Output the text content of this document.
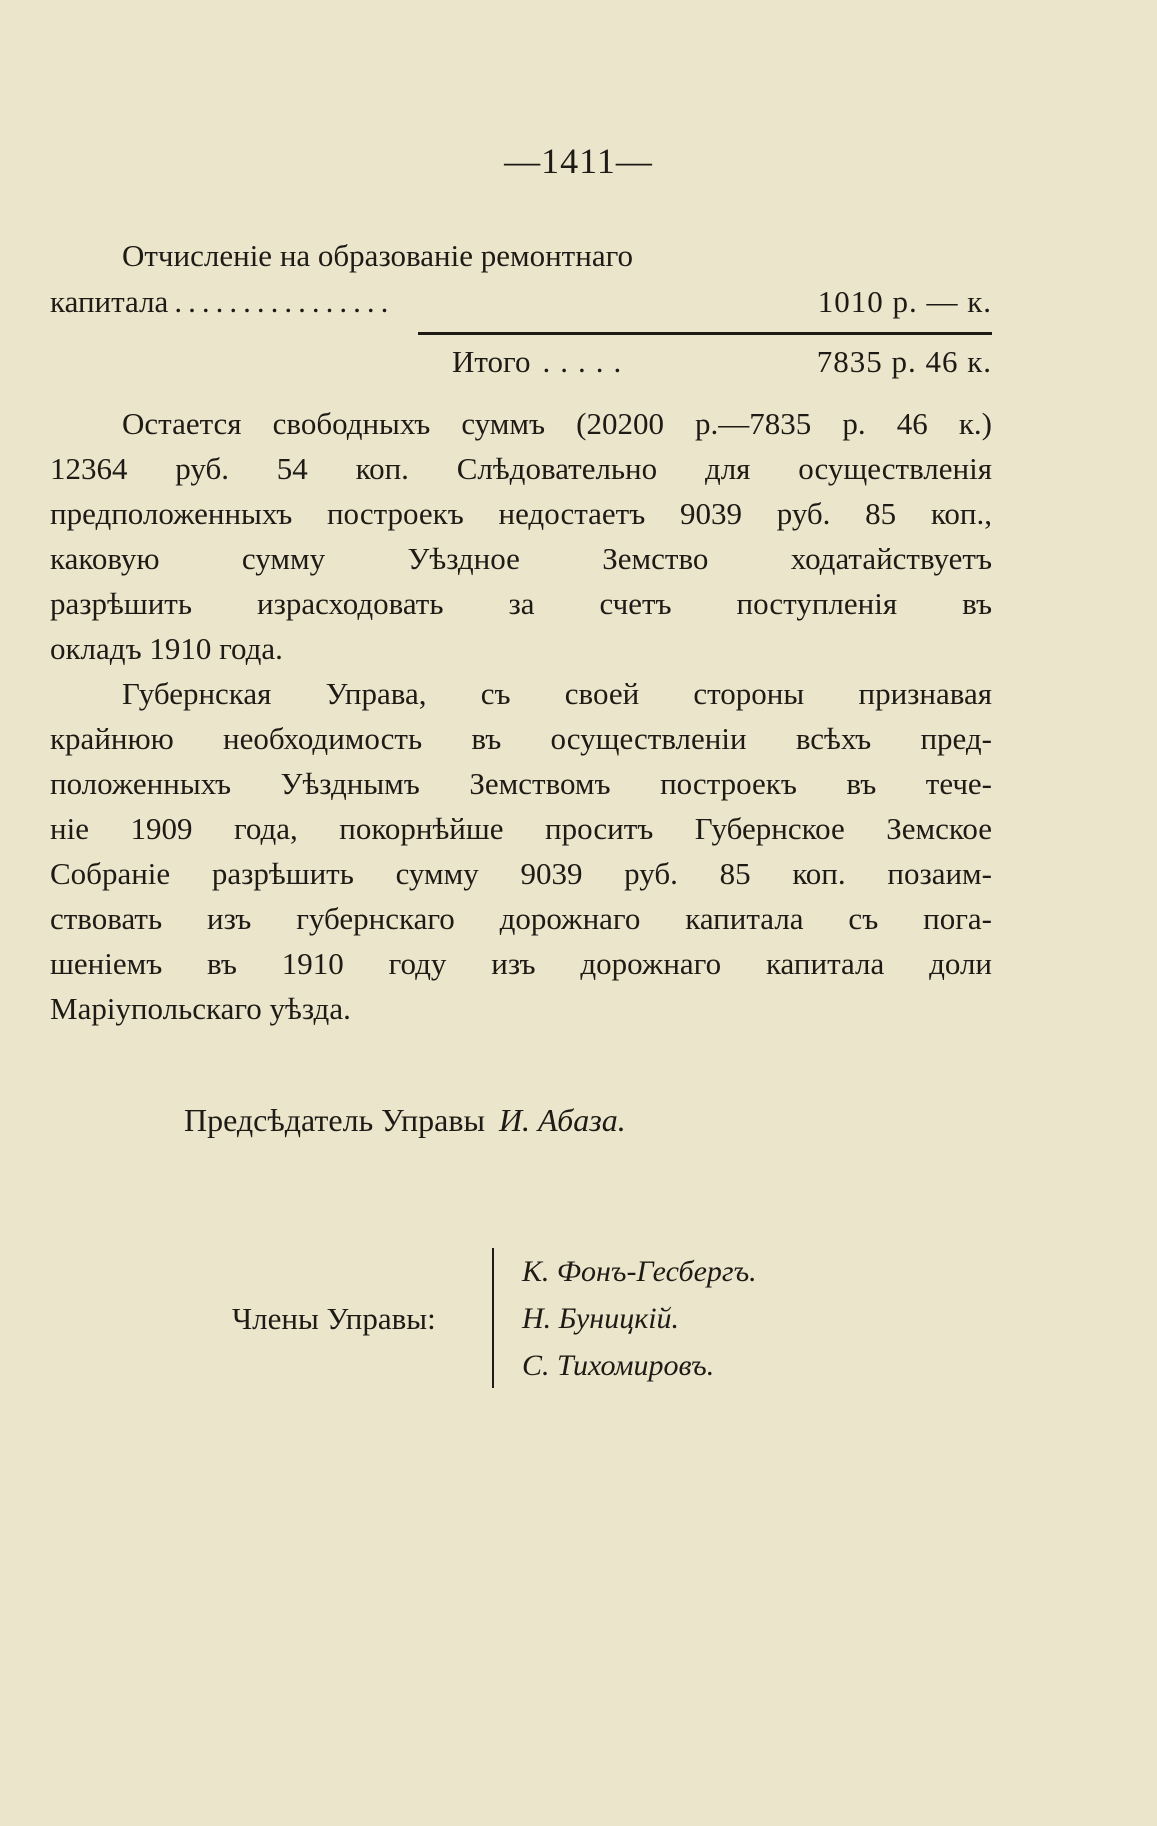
—1411—
Отчисленіе на образованіе ремонтнаго
капитала ................	1010 р. — к.
Итого .....	7835 р. 46 к.
Остается свободныхъ суммъ (20200 р.—7835 р. 46 к.)
12364 руб. 54 коп. Слѣдовательно для осуществленія
предположенныхъ построекъ недостаетъ 9039 руб. 85 коп.,
каковую сумму Уѣздное Земство ходатайствуетъ
разрѣшить израсходовать за счетъ поступленія въ
окладъ 1910 года.
Губернская Управа, съ своей стороны признавая
крайнюю необходимость въ осуществленіи всѣхъ пред-
положенныхъ Уѣзднымъ Земствомъ построекъ въ тече-
ніе 1909 года, покорнѣйше проситъ Губернское Земское
Собраніе разрѣшить сумму 9039 руб. 85 коп. позаим-
ствовать изъ губернскаго дорожнаго капитала съ пога-
шеніемъ въ 1910 году изъ дорожнаго капитала доли
Маріупольскаго уѣзда.
Предсѣдатель Управы И. Абаза.
Члены Управы:
К. Фонъ-Гесбергъ.
Н. Буницкій.
С. Тихомировъ.
